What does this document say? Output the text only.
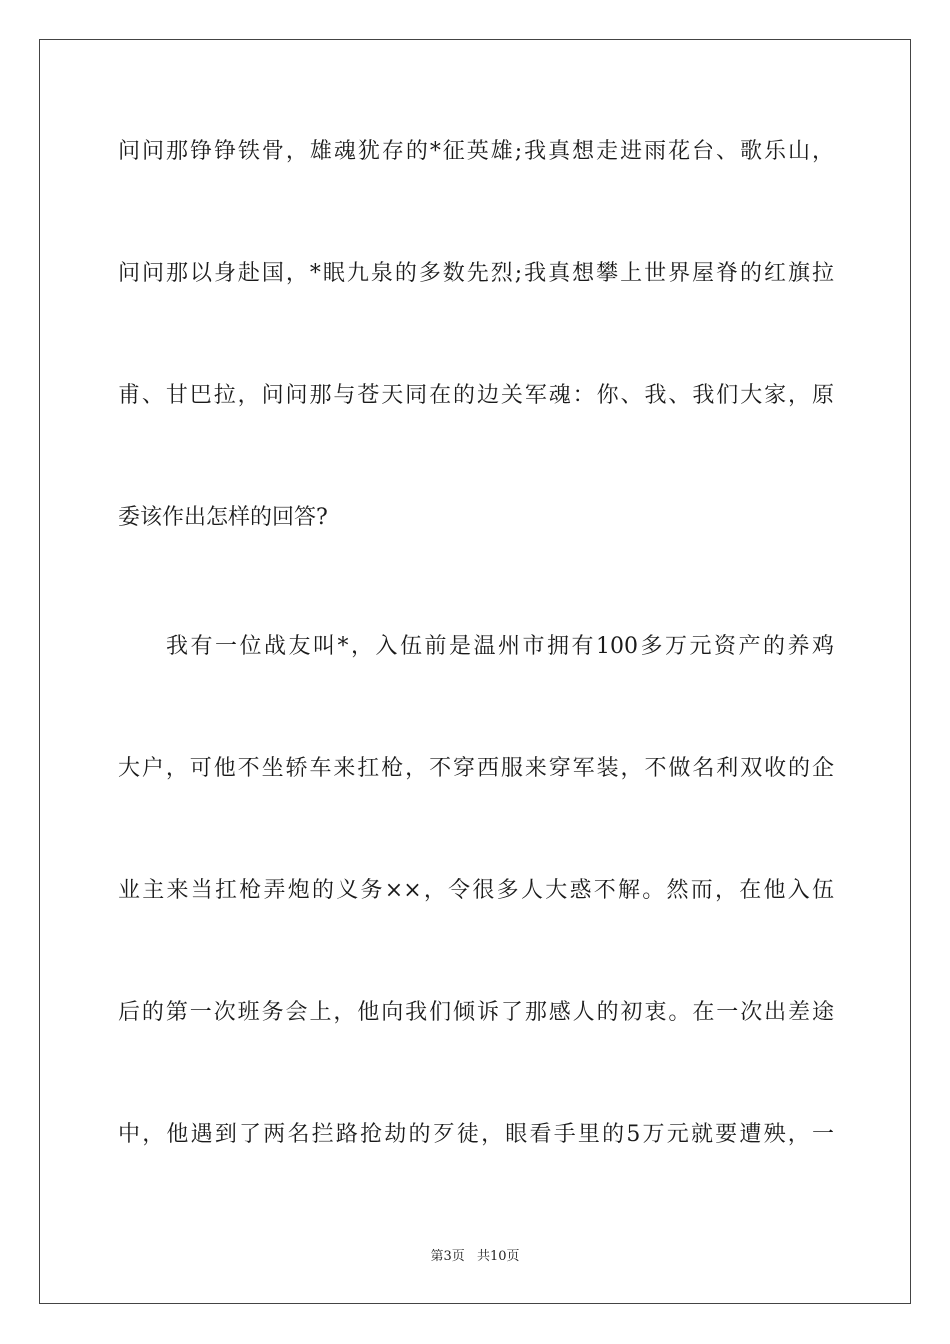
问问那铮铮铁骨，雄魂犹存的*征英雄;我真想走进雨花台、歌乐山，
问问那以身赴国，*眠九泉的多数先烈;我真想攀上世界屋脊的红旗拉
甫、甘巴拉，问问那与苍天同在的边关军魂：你、我、我们大家，原
委该作出怎样的回答?
我有一位战友叫*，入伍前是温州市拥有100多万元资产的养鸡
大户，可他不坐轿车来扛枪，不穿西服来穿军装，不做名利双收的企
业主来当扛枪弄炮的义务××，令很多人大惑不解。然而，在他入伍
后的第一次班务会上，他向我们倾诉了那感人的初衷。在一次出差途
中，他遇到了两名拦路抢劫的歹徒，眼看手里的5万元就要遭殃，一
第3页 共10页
